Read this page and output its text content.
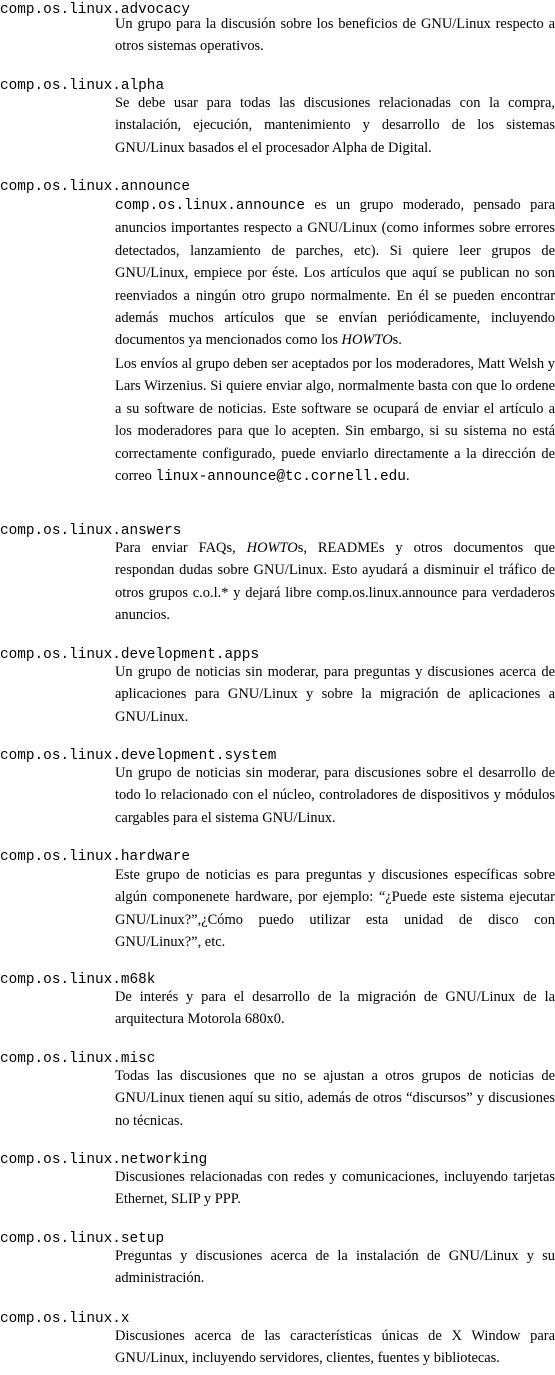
comp.os.linux.advocacy

Un grupo para la discusión sobre los beneficios de GNU/Linux respecto a otros sistemas operativos.

comp.os.linux.alpha

Se debe usar para todas las discusiones relacionadas con la compra, instalación, ejecución, mantenimiento y desarrollo de los sistemas GNU/Linux basados el el procesador Alpha de Digital.

comp.os.linux.announce

comp.os.linux.announce es un grupo moderado, pensado para anuncios importantes respecto a GNU/Linux (como informes sobre errores detectados, lanzamiento de parches, etc). Si quiere leer grupos de GNU/Linux, empiece por éste. Los artículos que aquí se publican no son reenviados a ningún otro grupo normalmente. En él se pueden encontrar además muchos artículos que se envían periódicamente, incluyendo documentos ya mencionados como los HOWTOs.

Los envíos al grupo deben ser aceptados por los moderadores, Matt Welsh y Lars Wirzenius. Si quiere enviar algo, normalmente basta con que lo ordene a su software de noticias. Este software se ocupará de enviar el artículo a los moderadores para que lo acepten. Sin embargo, si su sistema no está correctamente configurado, puede enviarlo directamente a la dirección de correo linux-announce@tc.cornell.edu.

comp.os.linux.answers

Para enviar FAQs, HOWTOs, READMEs y otros documentos que respondan dudas sobre GNU/Linux. Esto ayudará a disminuir el tráfico de otros grupos c.o.l.* y dejará libre comp.os.linux.announce para verdaderos anuncios.

comp.os.linux.development.apps

Un grupo de noticias sin moderar, para preguntas y discusiones acerca de aplicaciones para GNU/Linux y sobre la migración de aplicaciones a GNU/Linux.

comp.os.linux.development.system

Un grupo de noticias sin moderar, para discusiones sobre el desarrollo de todo lo relacionado con el núcleo, controladores de dispositivos y módulos cargables para el sistema GNU/Linux.

comp.os.linux.hardware

Este grupo de noticias es para preguntas y discusiones específicas sobre algún componenete hardware, por ejemplo: “¿Puede este sistema ejecutar GNU/Linux?”,¿Cómo puedo utilizar esta unidad de disco con GNU/Linux?”, etc.

comp.os.linux.m68k

De interés y para el desarrollo de la migración de GNU/Linux de la arquitectura Motorola 680x0.

comp.os.linux.misc

Todas las discusiones que no se ajustan a otros grupos de noticias de GNU/Linux tienen aquí su sitio, además de otros “discursos” y discusiones no técnicas.

comp.os.linux.networking

Discusiones relacionadas con redes y comunicaciones, incluyendo tarjetas Ethernet, SLIP y PPP.

comp.os.linux.setup

Preguntas y discusiones acerca de la instalación de GNU/Linux y su administración.

comp.os.linux.x

Discusiones acerca de las características únicas de X Window para GNU/Linux, incluyendo servidores, clientes, fuentes y bibliotecas.
